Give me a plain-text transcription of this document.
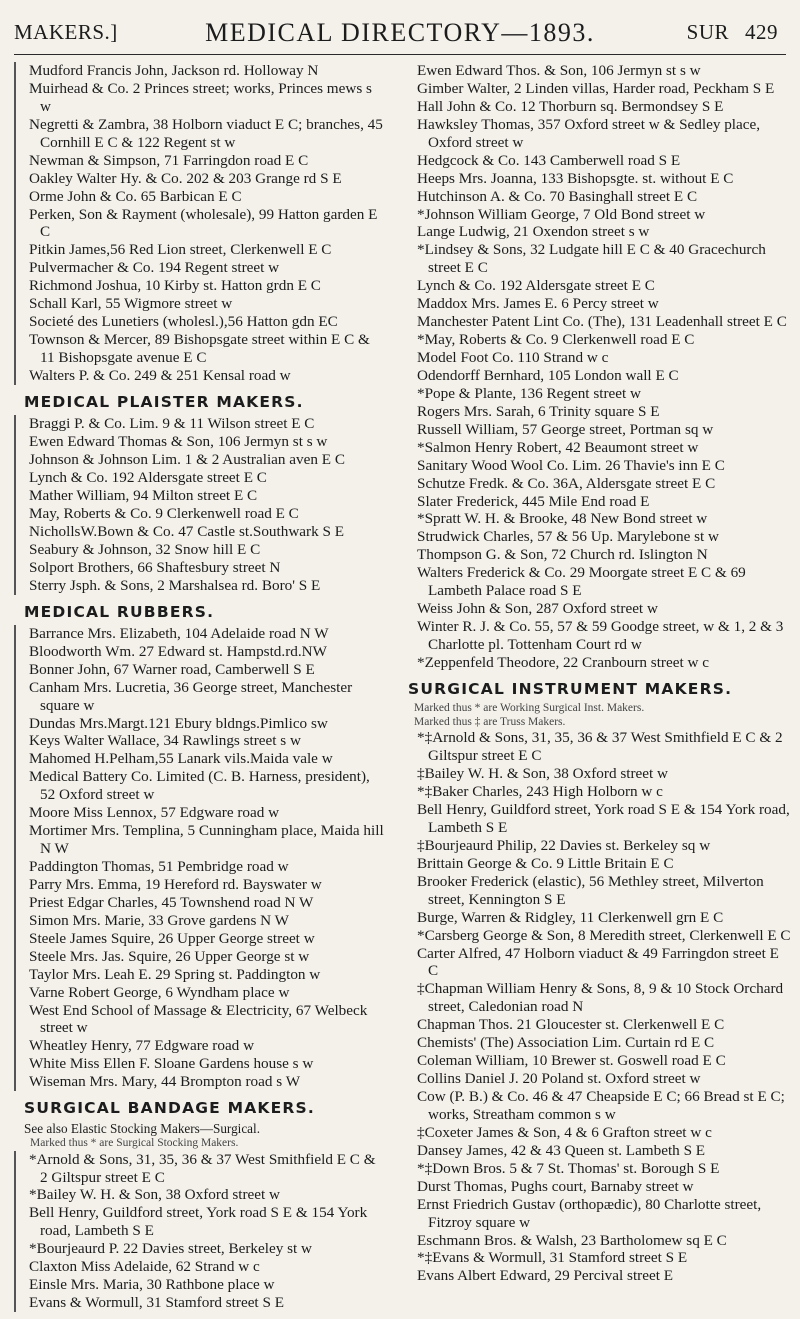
MAKERS.]	MEDICAL DIRECTORY—1893.	SUR 429

Mudford Francis John, Jackson rd. Holloway N

Muirhead & Co. 2 Princes street; works, Princes mews s w

Negretti & Zambra, 38 Holborn viaduct E C; branches, 45 Cornhill E C & 122 Regent st w

Newman & Simpson, 71 Farringdon road E C

Oakley Walter Hy. & Co. 202 & 203 Grange rd S E

Orme John & Co. 65 Barbican E C

Perken, Son & Rayment (wholesale), 99 Hatton garden E C

Pitkin James,56 Red Lion street, Clerkenwell E C

Pulvermacher & Co. 194 Regent street w

Richmond Joshua, 10 Kirby st. Hatton grdn E C

Schall Karl, 55 Wigmore street w

Societé des Lunetiers (wholesl.),56 Hatton gdn EC

Townson & Mercer, 89 Bishopsgate street within E C & 11 Bishopsgate avenue E C

Walters P. & Co. 249 & 251 Kensal road w

MEDICAL PLAISTER MAKERS.

Braggi P. & Co. Lim. 9 & 11 Wilson street E C

Ewen Edward Thomas & Son, 106 Jermyn st s w

Johnson & Johnson Lim. 1 & 2 Australian aven E C

Lynch & Co. 192 Aldersgate street E C

Mather William, 94 Milton street E C

May, Roberts & Co. 9 Clerkenwell road E C

NichollsW.Bown & Co. 47 Castle st.Southwark S E

Seabury & Johnson, 32 Snow hill E C

Solport Brothers, 66 Shaftesbury street N

Sterry Jsph. & Sons, 2 Marshalsea rd. Boro' S E

MEDICAL RUBBERS.

Barrance Mrs. Elizabeth, 104 Adelaide road N W

Bloodworth Wm. 27 Edward st. Hampstd.rd.NW

Bonner John, 67 Warner road, Camberwell S E

Canham Mrs. Lucretia, 36 George street, Manchester square w

Dundas Mrs.Margt.121 Ebury bldngs.Pimlico sw

Keys Walter Wallace, 34 Rawlings street s w

Mahomed H.Pelham,55 Lanark vils.Maida vale w

Medical Battery Co. Limited (C. B. Harness, president), 52 Oxford street w

Moore Miss Lennox, 57 Edgware road w

Mortimer Mrs. Templina, 5 Cunningham place, Maida hill N W

Paddington Thomas, 51 Pembridge road w

Parry Mrs. Emma, 19 Hereford rd. Bayswater w

Priest Edgar Charles, 45 Townshend road N W

Simon Mrs. Marie, 33 Grove gardens N W

Steele James Squire, 26 Upper George street w

Steele Mrs. Jas. Squire, 26 Upper George st w

Taylor Mrs. Leah E. 29 Spring st. Paddington w

Varne Robert George, 6 Wyndham place w

West End School of Massage & Electricity, 67 Welbeck street w

Wheatley Henry, 77 Edgware road w

White Miss Ellen F. Sloane Gardens house s w

Wiseman Mrs. Mary, 44 Brompton road s W

SURGICAL BANDAGE MAKERS.

See also Elastic Stocking Makers—Surgical.

Marked thus * are Surgical Stocking Makers.

*Arnold & Sons, 31, 35, 36 & 37 West Smithfield E C & 2 Giltspur street E C

*Bailey W. H. & Son, 38 Oxford street w

Bell Henry, Guildford street, York road S E & 154 York road, Lambeth S E

*Bourjeaurd P. 22 Davies street, Berkeley st w

Claxton Miss Adelaide, 62 Strand w c

Einsle Mrs. Maria, 30 Rathbone place w

Evans & Wormull, 31 Stamford street S E

Ewen Edward Thos. & Son, 106 Jermyn st s w

Gimber Walter, 2 Linden villas, Harder road, Peckham S E

Hall John & Co. 12 Thorburn sq. Bermondsey S E

Hawksley Thomas, 357 Oxford street w & Sedley place, Oxford street w

Hedgcock & Co. 143 Camberwell road S E

Heeps Mrs. Joanna, 133 Bishopsgte. st. without E C

Hutchinson A. & Co. 70 Basinghall street E C

*Johnson William George, 7 Old Bond street w

Lange Ludwig, 21 Oxendon street s w

*Lindsey & Sons, 32 Ludgate hill E C & 40 Gracechurch street E C

Lynch & Co. 192 Aldersgate street E C

Maddox Mrs. James E. 6 Percy street w

Manchester Patent Lint Co. (The), 131 Leadenhall street E C

*May, Roberts & Co. 9 Clerkenwell road E C

Model Foot Co. 110 Strand w c

Odendorff Bernhard, 105 London wall E C

*Pope & Plante, 136 Regent street w

Rogers Mrs. Sarah, 6 Trinity square S E

Russell William, 57 George street, Portman sq w

*Salmon Henry Robert, 42 Beaumont street w

Sanitary Wood Wool Co. Lim. 26 Thavie's inn E C

Schutze Fredk. & Co. 36A, Aldersgate street E C

Slater Frederick, 445 Mile End road E

*Spratt W. H. & Brooke, 48 New Bond street w

Strudwick Charles, 57 & 56 Up. Marylebone st w

Thompson G. & Son, 72 Church rd. Islington N

Walters Frederick & Co. 29 Moorgate street E C & 69 Lambeth Palace road S E

Weiss John & Son, 287 Oxford street w

Winter R. J. & Co. 55, 57 & 59 Goodge street, w & 1, 2 & 3 Charlotte pl. Tottenham Court rd w

*Zeppenfeld Theodore, 22 Cranbourn street w c

SURGICAL INSTRUMENT MAKERS.

Marked thus * are Working Surgical Inst. Makers.

Marked thus ‡ are Truss Makers.

*‡Arnold & Sons, 31, 35, 36 & 37 West Smithfield E C & 2 Giltspur street E C

‡Bailey W. H. & Son, 38 Oxford street w

*‡Baker Charles, 243 High Holborn w c

Bell Henry, Guildford street, York road S E & 154 York road, Lambeth S E

‡Bourjeaurd Philip, 22 Davies st. Berkeley sq w

Brittain George & Co. 9 Little Britain E C

Brooker Frederick (elastic), 56 Methley street, Milverton street, Kennington S E

Burge, Warren & Ridgley, 11 Clerkenwell grn E C

*Carsberg George & Son, 8 Meredith street, Clerkenwell E C

Carter Alfred, 47 Holborn viaduct & 49 Farringdon street E C

‡Chapman William Henry & Sons, 8, 9 & 10 Stock Orchard street, Caledonian road N

Chapman Thos. 21 Gloucester st. Clerkenwell E C

Chemists' (The) Association Lim. Curtain rd E C

Coleman William, 10 Brewer st. Goswell road E C

Collins Daniel J. 20 Poland st. Oxford street w

Cow (P. B.) & Co. 46 & 47 Cheapside E C; 66 Bread st E C; works, Streatham common s w

‡Coxeter James & Son, 4 & 6 Grafton street w c

Dansey James, 42 & 43 Queen st. Lambeth S E

*‡Down Bros. 5 & 7 St. Thomas' st. Borough S E

Durst Thomas, Pughs court, Barnaby street w

Ernst Friedrich Gustav (orthopædic), 80 Charlotte street, Fitzroy square w

Eschmann Bros. & Walsh, 23 Bartholomew sq E C

*‡Evans & Wormull, 31 Stamford street S E

Evans Albert Edward, 29 Percival street E
